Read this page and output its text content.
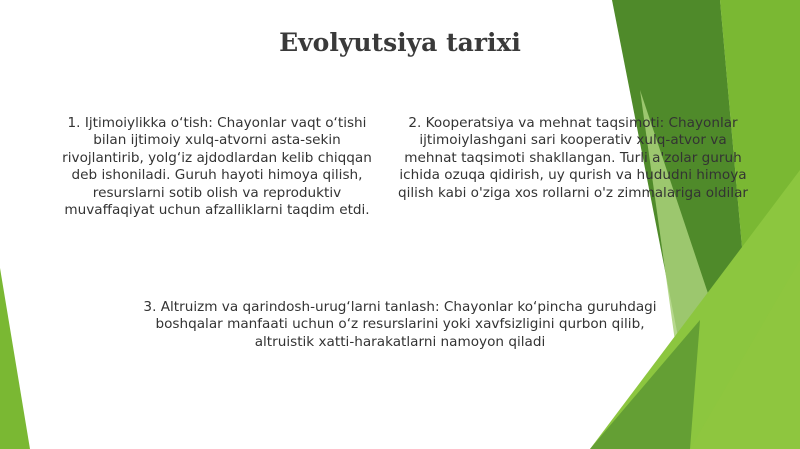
Evolyutsiya tarixi
1. Ijtimoiylikka o‘tish: Chayonlar vaqt o‘tishi bilan ijtimoiy xulq-atvorni asta-sekin rivojlantirib, yolg‘iz ajdodlardan kelib chiqqan deb ishoniladi. Guruh hayoti himoya qilish, resurslarni sotib olish va reproduktiv muvaffaqiyat uchun afzalliklarni taqdim etdi.
2. Kooperatsiya va mehnat taqsimoti: Chayonlar ijtimoiylashgani sari kooperativ xulq-atvor va mehnat taqsimoti shakllangan. Turli a'zolar guruh ichida ozuqa qidirish, uy qurish va hududni himoya qilish kabi o'ziga xos rollarni o'z zimmalariga oldilar
3. Altruizm va qarindosh-urug‘larni tanlash: Chayonlar ko‘pincha guruhdagi boshqalar manfaati uchun o‘z resurslarini yoki xavfsizligini qurbon qilib, altruistik xatti-harakatlarni namoyon qiladi
